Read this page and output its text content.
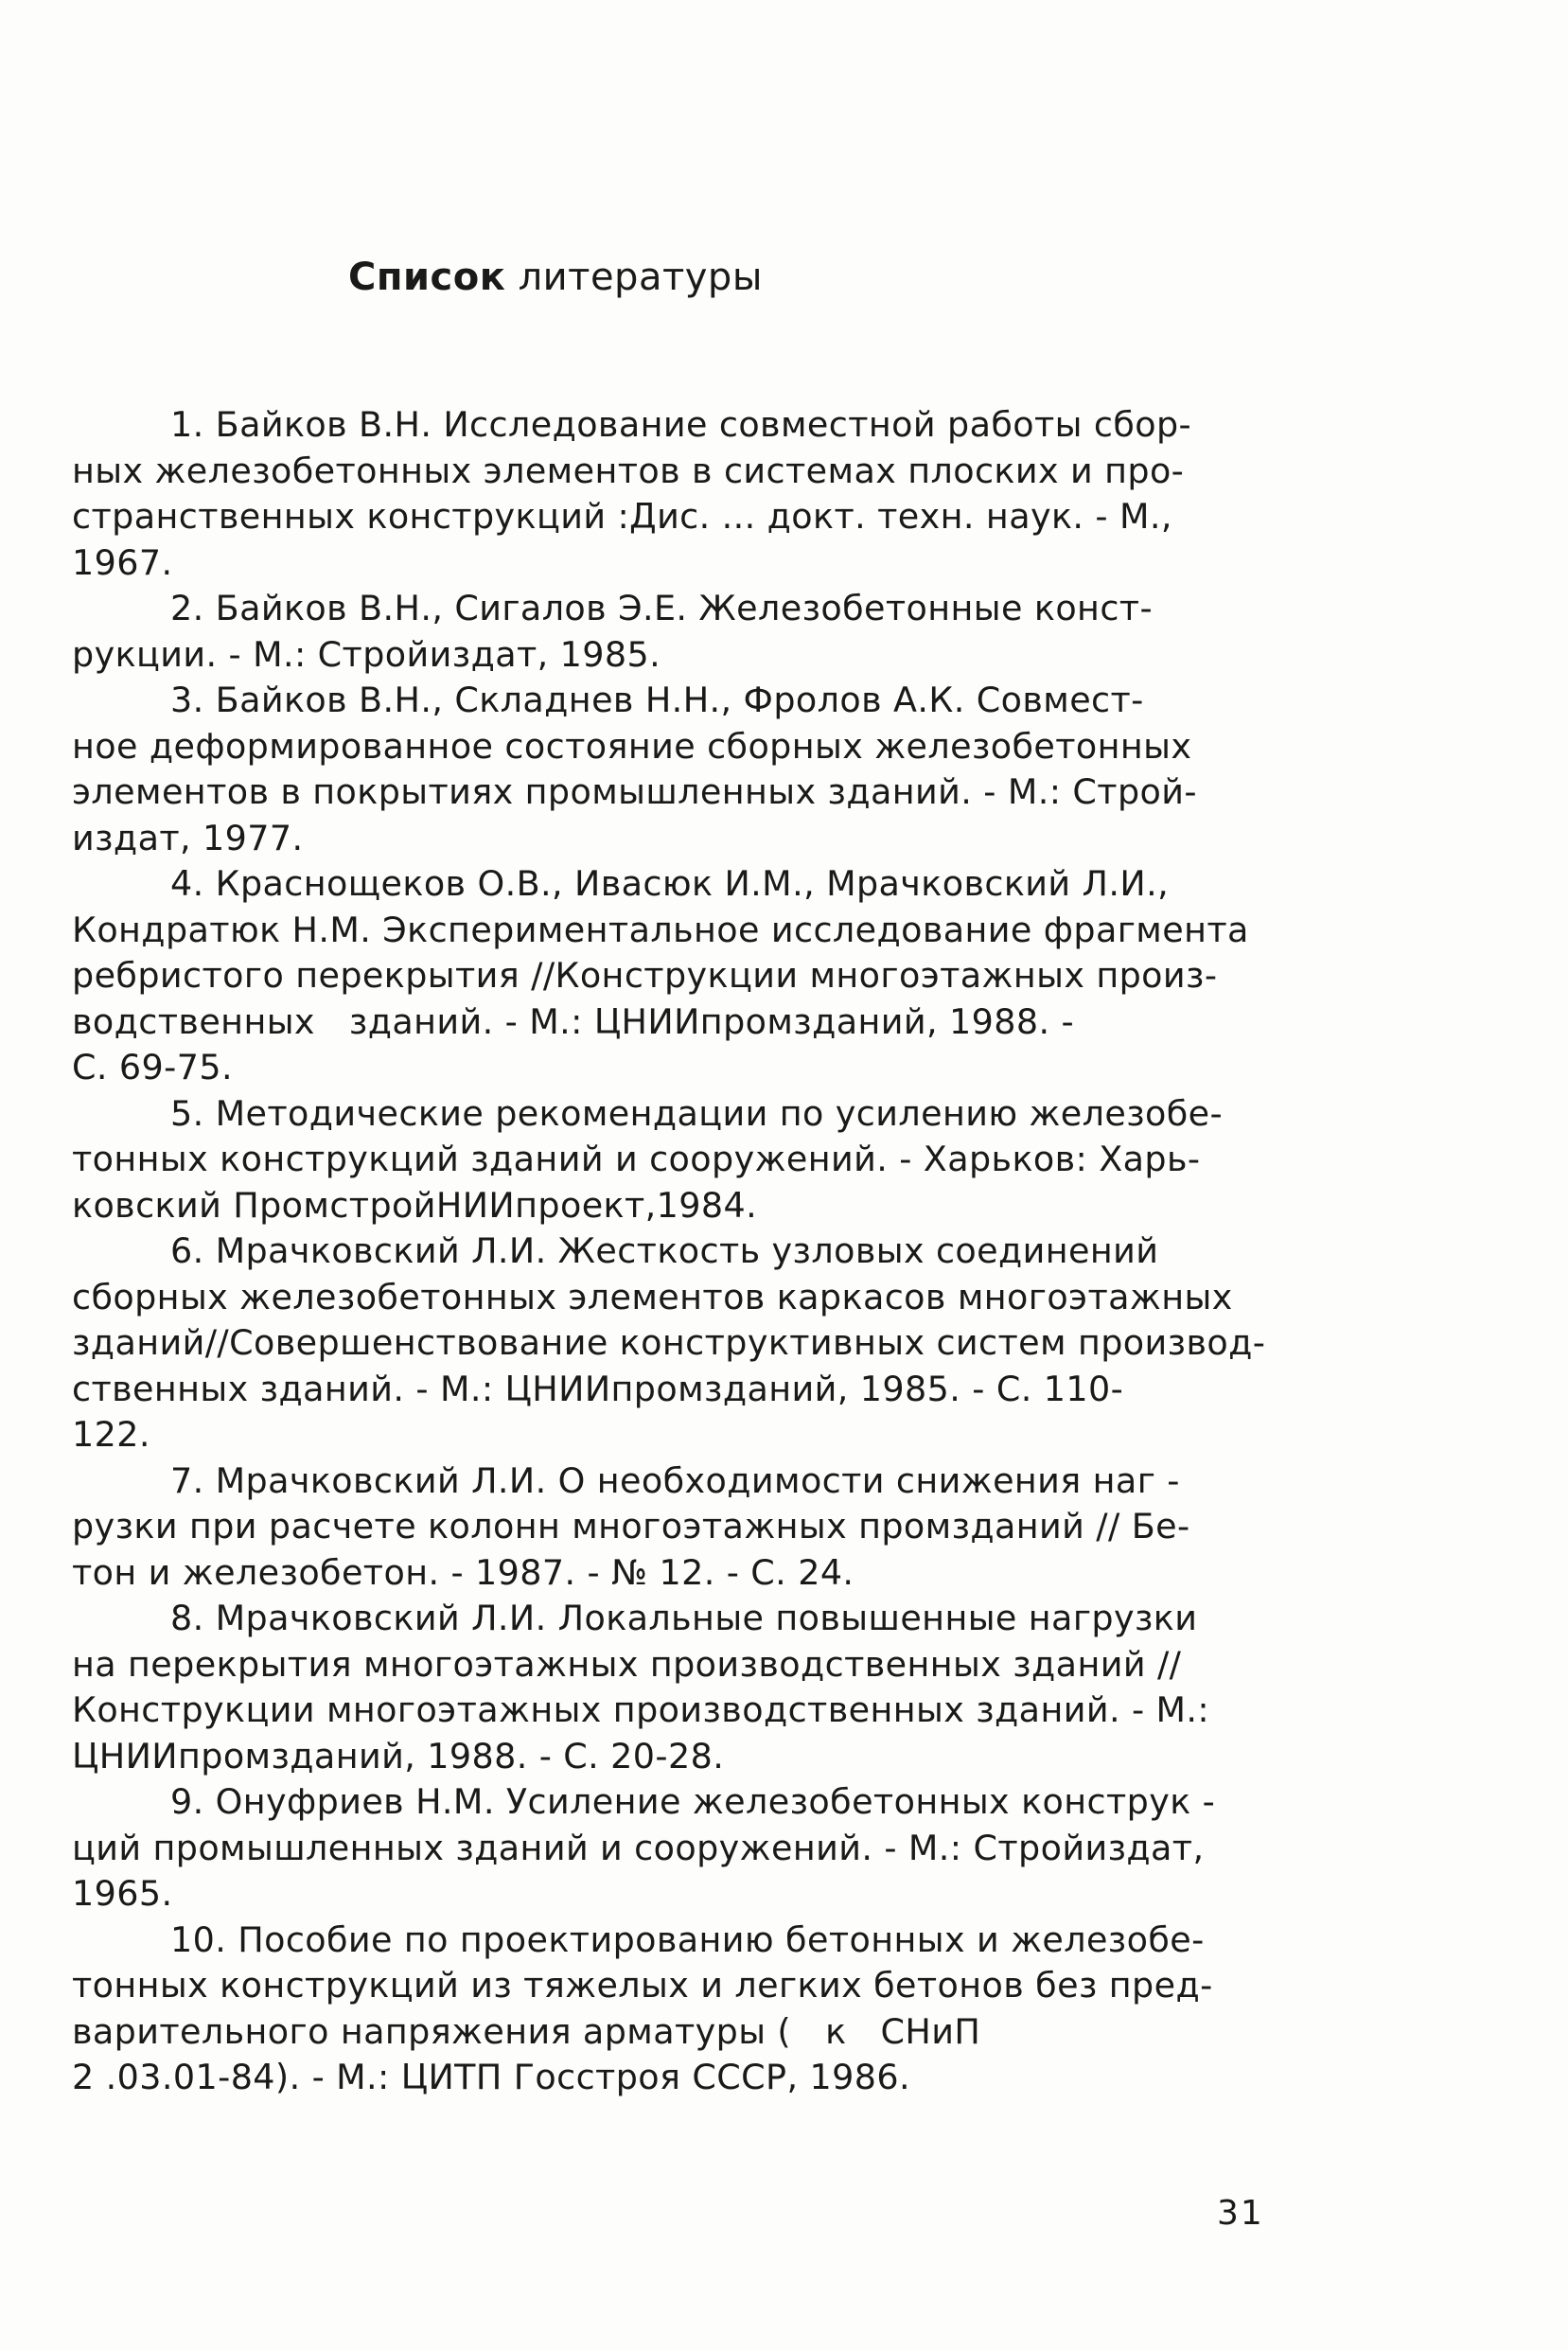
Список литературы
1. Байков В.Н. Исследование совместной работы сбор-
ных железобетонных элементов в системах плоских и про-
странственных конструкций :Дис. ... докт. техн. наук. - М.,
1967.
2. Байков В.Н., Сигалов Э.Е. Железобетонные конст-
рукции. - М.: Стройиздат, 1985.
3. Байков В.Н., Складнев Н.Н., Фролов А.К. Совмест-
ное деформированное состояние сборных железобетонных
элементов в покрытиях промышленных зданий. - М.: Строй-
издат, 1977.
4. Краснощеков О.В., Ивасюк И.М., Мрачковский Л.И.,
Кондратюк Н.М. Экспериментальное исследование фрагмента
ребристого перекрытия //Конструкции многоэтажных произ-
водственных   зданий. - М.: ЦНИИпромзданий, 1988. -
С. 69-75.
5. Методические рекомендации по усилению железобе-
тонных конструкций зданий и сооружений. - Харьков: Харь-
ковский ПромстройНИИпроект,1984.
6. Мрачковский Л.И. Жесткость узловых соединений
сборных железобетонных элементов каркасов многоэтажных
зданий//Совершенствование конструктивных систем производ-
ственных зданий. - М.: ЦНИИпромзданий, 1985. - С. 110-
122.
7. Мрачковский Л.И. О необходимости снижения наг -
рузки при расчете колонн многоэтажных промзданий // Бе-
тон и железобетон. - 1987. - № 12. - С. 24.
8. Мрачковский Л.И. Локальные повышенные нагрузки
на перекрытия многоэтажных производственных зданий //
Конструкции многоэтажных производственных зданий. - М.:
ЦНИИпромзданий, 1988. - С. 20-28.
9. Онуфриев Н.М. Усиление железобетонных конструк -
ций промышленных зданий и сооружений. - М.: Стройиздат,
1965.
10. Пособие по проектированию бетонных и железобе-
тонных конструкций из тяжелых и легких бетонов без пред-
варительного напряжения арматуры (   к   СНиП
2 .03.01-84). - М.: ЦИТП Госстроя СССР, 1986.
31
